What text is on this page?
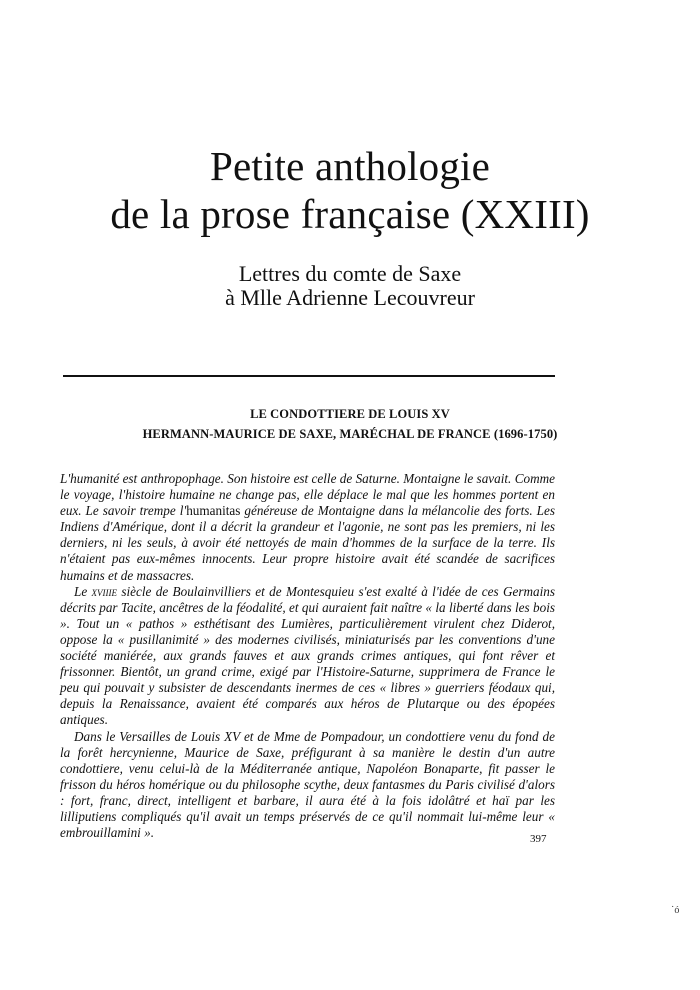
Petite anthologie
de la prose française (XXIII)
Lettres du comte de Saxe
à Mlle Adrienne Lecouvreur
LE CONDOTTIERE DE LOUIS XV
HERMANN-MAURICE DE SAXE, MARÉCHAL DE FRANCE (1696-1750)

L'humanité est anthropophage. Son histoire est celle de Saturne. Montaigne le savait. Comme le voyage, l'histoire humaine ne change pas, elle déplace le mal que les hommes portent en eux. Le savoir trempe l'humanitas généreuse de Montaigne dans la mélancolie des forts. Les Indiens d'Amérique, dont il a décrit la grandeur et l'agonie, ne sont pas les premiers, ni les derniers, ni les seuls, à avoir été nettoyés de main d'hommes de la surface de la terre. Ils n'étaient pas eux-mêmes innocents. Leur propre histoire avait été scandée de sacrifices humains et de massacres.

Le xviiie siècle de Boulainvilliers et de Montesquieu s'est exalté à l'idée de ces Germains décrits par Tacite, ancêtres de la féodalité, et qui auraient fait naître « la liberté dans les bois ». Tout un « pathos » esthétisant des Lumières, particulièrement virulent chez Diderot, oppose la « pusillanimité » des modernes civilisés, miniaturisés par les conventions d'une société maniérée, aux grands fauves et aux grands crimes antiques, qui font rêver et frissonner. Bientôt, un grand crime, exigé par l'Histoire-Saturne, supprimera de France le peu qui pouvait y subsister de descendants inermes de ces « libres » guerriers féodaux qui, depuis la Renaissance, avaient été comparés aux héros de Plutarque ou des épopées antiques.

Dans le Versailles de Louis XV et de Mme de Pompadour, un condottiere venu du fond de la forêt hercynienne, Maurice de Saxe, préfigurant à sa manière le destin d'un autre condottiere, venu celui-là de la Méditerranée antique, Napoléon Bonaparte, fit passer le frisson du héros homérique ou du philosophe scythe, deux fantasmes du Paris civilisé d'alors : fort, franc, direct, intelligent et barbare, il aura été à la fois idolâtré et haï par les lilliputiens compliqués qu'il avait un temps préservés de ce qu'il nommait lui-même leur « embrouillamini ».	397
˙ó
